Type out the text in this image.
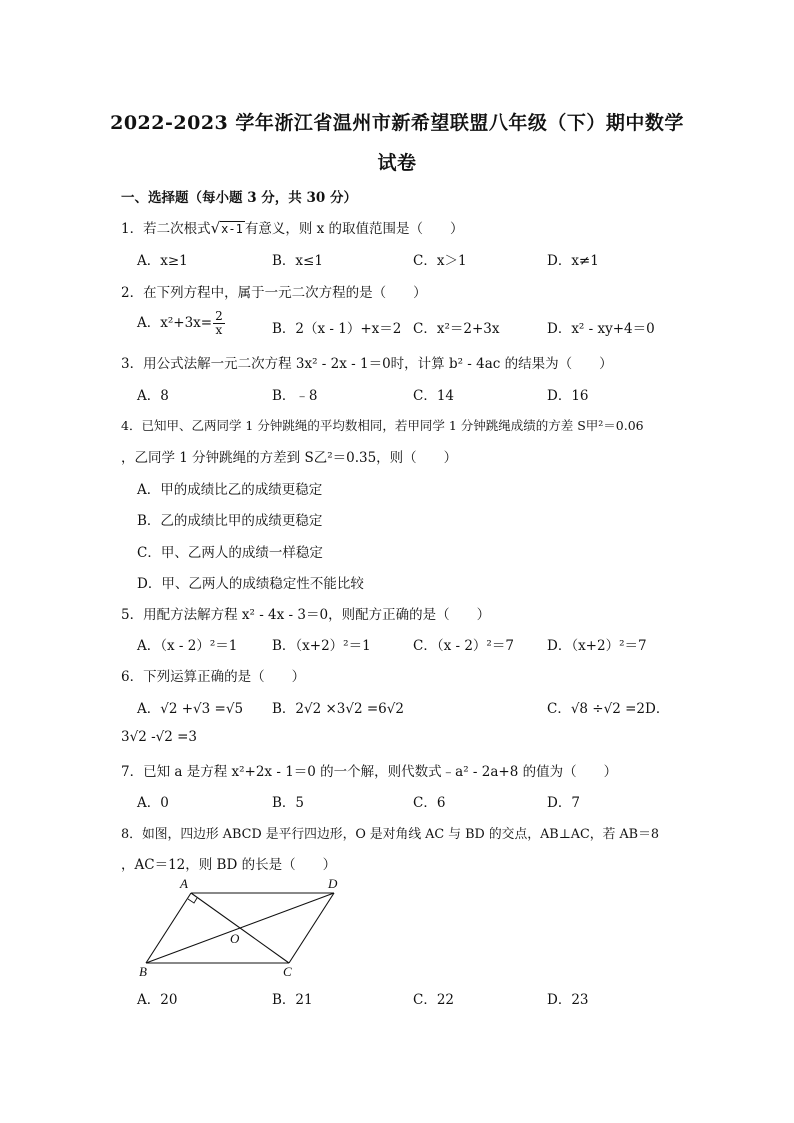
2022-2023 学年浙江省温州市新希望联盟八年级（下）期中数学
试卷
一、选择题（每小题 3 分，共 30 分）
1．若二次根式√x-1 有意义，则 x 的取值范围是（　　）
A．x≥1	B．x≤1	C．x＞1	D．x≠1
2．在下列方程中，属于一元二次方程的是（　　）
A．$x^2+3x= \frac{2}{x}$	B．2（x - 1）+x＝2 C．x²＝2+3x	D．x² - xy+4＝0
3．用公式法解一元二次方程 3x² - 2x - 1＝0时，计算 b² - 4ac 的结果为（　　）
A．8	B．﹣8	C．14	D．16
4．已知甲、乙两同学 1 分钟跳绳的平均数相同，若甲同学 1 分钟跳绳成绩的方差 S甲²＝0.06
，乙同学 1 分钟跳绳的方差到 S乙²＝0.35，则（　　）
A．甲的成绩比乙的成绩更稳定
B．乙的成绩比甲的成绩更稳定
C．甲、乙两人的成绩一样稳定
D．甲、乙两人的成绩稳定性不能比较
5．用配方法解方程 x² - 4x - 3＝0，则配方正确的是（　　）
A．（x - 2）²＝1	B．（x+2）²＝1	C．（x - 2）²＝7 D．（x+2）²＝7
6．下列运算正确的是（　　）
A．√2 +√3 =√5 B．2√2 ×3√2 =6√2	C．√8 ÷√2 =2D．
3√2 -√2 =3
7．已知 a 是方程 x²+2x - 1＝0 的一个解，则代数式﹣a² - 2a+8 的值为（　　）
A．0	B．5	C．6	D．7
8．如图，四边形 ABCD 是平行四边形，O 是对角线 AC 与 BD 的交点，AB⊥AC，若 AB＝8
，AC＝12，则 BD 的长是（　　）
A	D
O
B	C
A．20	B．21	C．22	D．23
